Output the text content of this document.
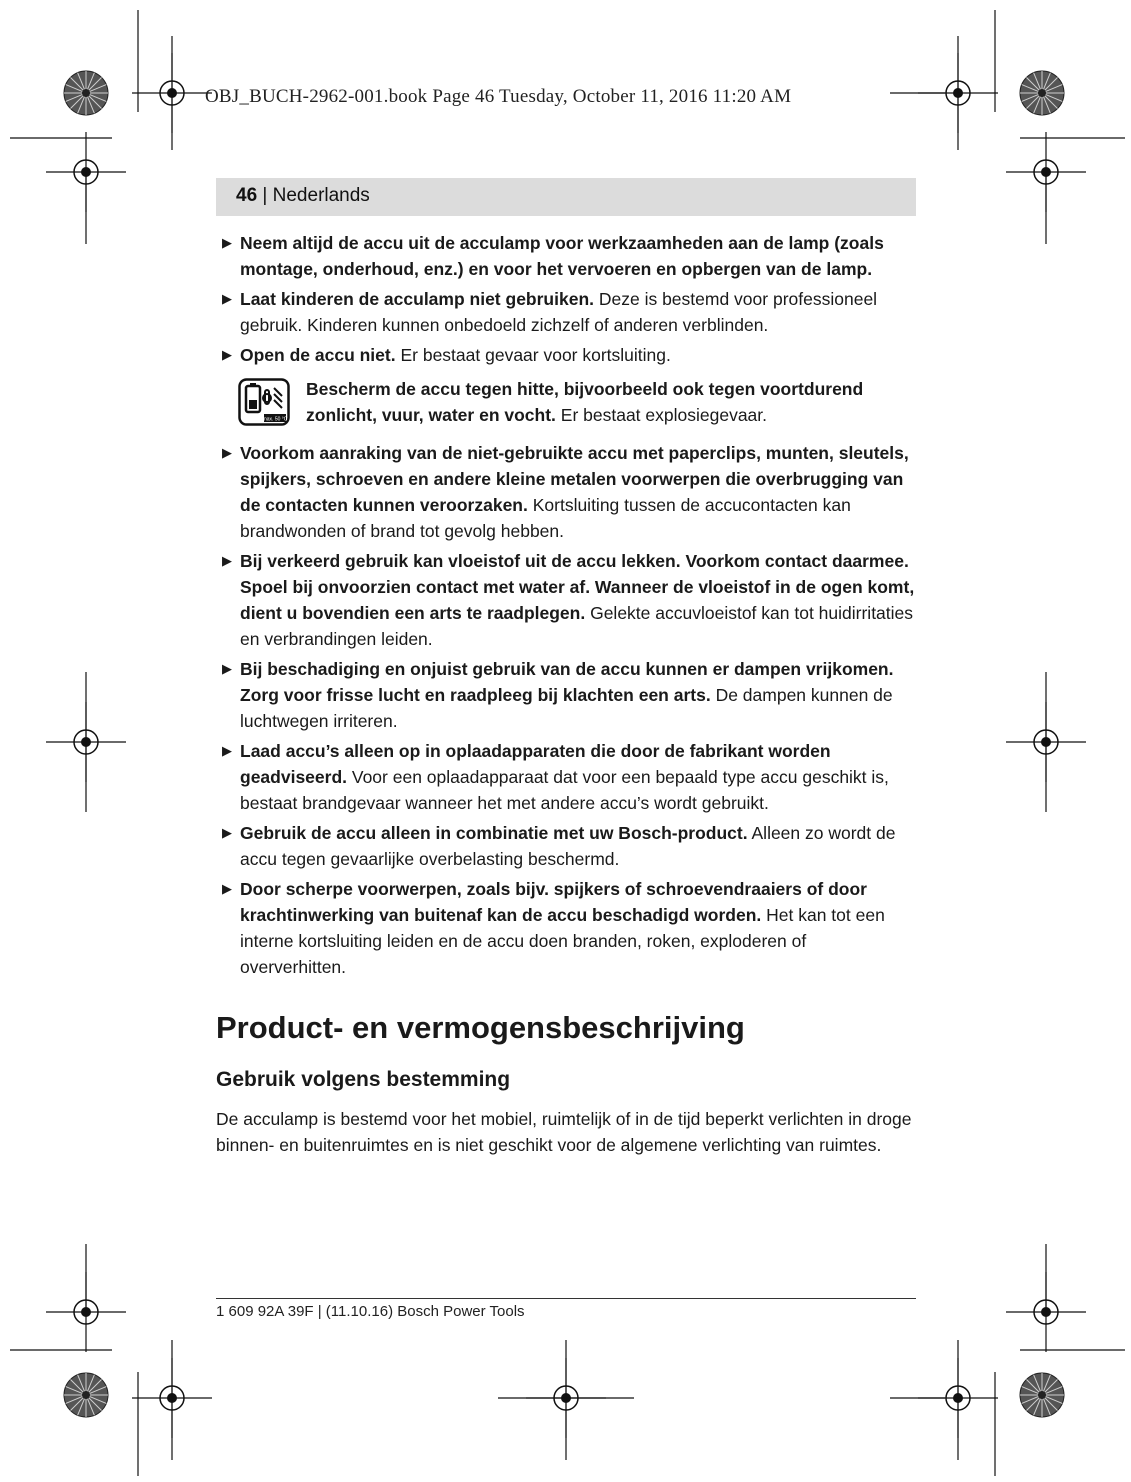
OBJ_BUCH-2962-001.book Page 46 Tuesday, October 11, 2016 11:20 AM
46 | Nederlands
▶ Neem altijd de accu uit de acculamp voor werkzaamheden aan de lamp (zoals montage, onderhoud, enz.) en voor het vervoeren en opbergen van de lamp.
▶ Laat kinderen de acculamp niet gebruiken. Deze is bestemd voor professioneel gebruik. Kinderen kunnen onbedoeld zichzelf of anderen verblinden.
▶ Open de accu niet. Er bestaat gevaar voor kortsluiting.
max. 50 °C
Bescherm de accu tegen hitte, bijvoorbeeld ook tegen voortdurend zonlicht, vuur, water en vocht. Er bestaat explosiegevaar.
▶ Voorkom aanraking van de niet-gebruikte accu met paperclips, munten, sleutels, spijkers, schroeven en andere kleine metalen voorwerpen die overbrugging van de contacten kunnen veroorzaken. Kortsluiting tussen de accucontacten kan brandwonden of brand tot gevolg hebben.
▶ Bij verkeerd gebruik kan vloeistof uit de accu lekken. Voorkom contact daarmee. Spoel bij onvoorzien contact met water af. Wanneer de vloeistof in de ogen komt, dient u bovendien een arts te raadplegen. Gelekte accuvloeistof kan tot huidirritaties en verbrandingen leiden.
▶ Bij beschadiging en onjuist gebruik van de accu kunnen er dampen vrijkomen. Zorg voor frisse lucht en raadpleeg bij klachten een arts. De dampen kunnen de luchtwegen irriteren.
▶ Laad accu’s alleen op in oplaadapparaten die door de fabrikant worden geadviseerd. Voor een oplaadapparaat dat voor een bepaald type accu geschikt is, bestaat brandgevaar wanneer het met andere accu’s wordt gebruikt.
▶ Gebruik de accu alleen in combinatie met uw Bosch-product. Alleen zo wordt de accu tegen gevaarlijke overbelasting beschermd.
▶ Door scherpe voorwerpen, zoals bijv. spijkers of schroevendraaiers of door krachtinwerking van buitenaf kan de accu beschadigd worden. Het kan tot een interne kortsluiting leiden en de accu doen branden, roken, exploderen of oververhitten.
Product- en vermogensbeschrijving
Gebruik volgens bestemming

De acculamp is bestemd voor het mobiel, ruimtelijk of in de tijd beperkt verlichten in droge binnen- en buitenruimtes en is niet geschikt voor de algemene verlichting van ruimtes.

1 609 92A 39F | (11.10.16) Bosch Power Tools
